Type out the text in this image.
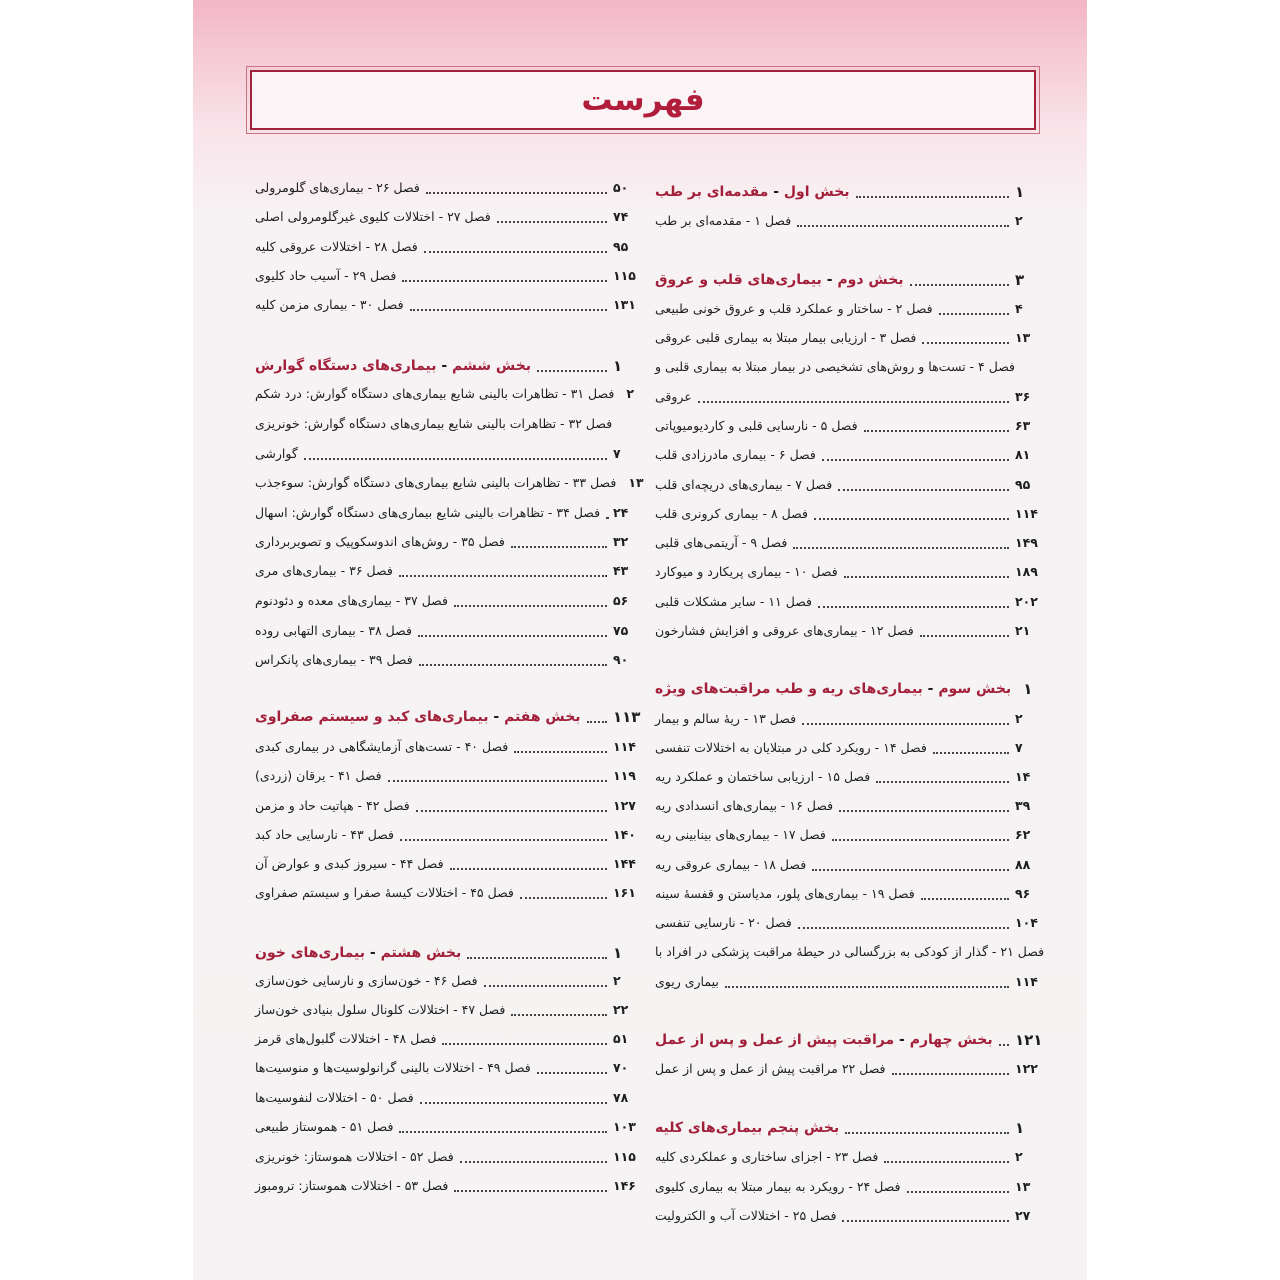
فهرست
بخش اول - مقدمه‌ای بر طب	۱
فصل ۱ - مقدمه‌ای بر طب	۲
بخش دوم - بیماری‌های قلب و عروق	۳
فصل ۲ - ساختار و عملکرد قلب و عروق خونی طبیعی	۴
فصل ۳ - ارزیابی بیمار مبتلا به بیماری قلبی عروقی	۱۳
فصل ۴ - تست‌ها و روش‌های تشخیصی در بیمار مبتلا به بیماری قلبی و
عروقی	۳۶
فصل ۵ - نارسایی قلبی و کاردیومیوپاتی	۶۳
فصل ۶ - بیماری مادرزادی قلب	۸۱
فصل ۷ - بیماری‌های دریچه‌ای قلب	۹۵
فصل ۸ - بیماری کرونری قلب	۱۱۴
فصل ۹ - آریتمی‌های قلبی	۱۴۹
فصل ۱۰ - بیماری پریکارد و میوکارد	۱۸۹
فصل ۱۱ - سایر مشکلات قلبی	۲۰۲
فصل ۱۲ - بیماری‌های عروقی و افزایش فشارخون	۲۱
بخش سوم - بیماری‌های ریه و طب مراقبت‌های ویژه	۱
فصل ۱۳ - ریهٔ سالم و بیمار	۲
فصل ۱۴ - رویکرد کلی در مبتلایان به اختلالات تنفسی	۷
فصل ۱۵ - ارزیابی ساختمان و عملکرد ریه	۱۴
فصل ۱۶ - بیماری‌های انسدادی ریه	۳۹
فصل ۱۷ - بیماری‌های بینابینی ریه	۶۲
فصل ۱۸ - بیماری عروقی ریه	۸۸
فصل ۱۹ - بیماری‌های پلور، مدیاستن و قفسهٔ سینه	۹۶
فصل ۲۰ - نارسایی تنفسی	۱۰۴
فصل ۲۱ - گذار از کودکی به بزرگسالی در حیطهٔ مراقبت پزشکی در افراد با
بیماری ریوی	۱۱۴
بخش چهارم - مراقبت پیش از عمل و پس از عمل	۱۲۱
فصل ۲۲ مراقبت پیش از عمل و پس از عمل	۱۲۲
بخش پنجم بیماری‌های کلیه	۱
فصل ۲۳ - اجزای ساختاری و عملکردی کلیه	۲
فصل ۲۴ - رویکرد به بیمار مبتلا به بیماری کلیوی	۱۳
فصل ۲۵ - اختلالات آب و الکترولیت	۲۷
فصل ۲۶ - بیماری‌های گلومرولی	۵۰
فصل ۲۷ - اختلالات کلیوی غیرگلومرولی اصلی	۷۴
فصل ۲۸ - اختلالات عروقی کلیه	۹۵
فصل ۲۹ - آسیب حاد کلیوی	۱۱۵
فصل ۳۰ - بیماری مزمن کلیه	۱۳۱
بخش ششم - بیماری‌های دستگاه گوارش	۱
فصل ۳۱ - تظاهرات بالینی شایع بیماری‌های دستگاه گوارش: درد شکم ۲
فصل ۳۲ - تظاهرات بالینی شایع بیماری‌های دستگاه گوارش: خونریزی
گوارشی	۷
فصل ۳۳ - تظاهرات بالینی شایع بیماری‌های دستگاه گوارش: سوءجذب ۱۳
فصل ۳۴ - تظاهرات بالینی شایع بیماری‌های دستگاه گوارش: اسهال ۲۴
فصل ۳۵ - روش‌های اندوسکوپیک و تصویربرداری	۳۲
فصل ۳۶ - بیماری‌های مری	۴۳
فصل ۳۷ - بیماری‌های معده و دئودنوم	۵۶
فصل ۳۸ - بیماری التهابی روده	۷۵
فصل ۳۹ - بیماری‌های پانکراس	۹۰
بخش هفتم - بیماری‌های کبد و سیستم صفراوی	۱۱۳
فصل ۴۰ - تست‌های آزمایشگاهی در بیماری کبدی	۱۱۴
فصل ۴۱ - یرقان (زردی)	۱۱۹
فصل ۴۲ - هپاتیت حاد و مزمن	۱۲۷
فصل ۴۳ - نارسایی حاد کبد	۱۴۰
فصل ۴۴ - سیروز کبدی و عوارض آن	۱۴۴
فصل ۴۵ - اختلالات کیسهٔ صفرا و سیستم صفراوی	۱۶۱
بخش هشتم - بیماری‌های خون	۱
فصل ۴۶ - خون‌سازی و نارسایی خون‌سازی	۲
فصل ۴۷ - اختلالات کلونال سلول بنیادی خون‌ساز	۲۲
فصل ۴۸ - اختلالات گلبول‌های قرمز	۵۱
فصل ۴۹ - اختلالات بالینی گرانولوسیت‌ها و منوسیت‌ها	۷۰
فصل ۵۰ - اختلالات لنفوسیت‌ها	۷۸
فصل ۵۱ - هموستاز طبیعی	۱۰۳
فصل ۵۲ - اختلالات هموستاز: خونریزی	۱۱۵
فصل ۵۳ - اختلالات هموستاز: ترومبوز	۱۴۶
